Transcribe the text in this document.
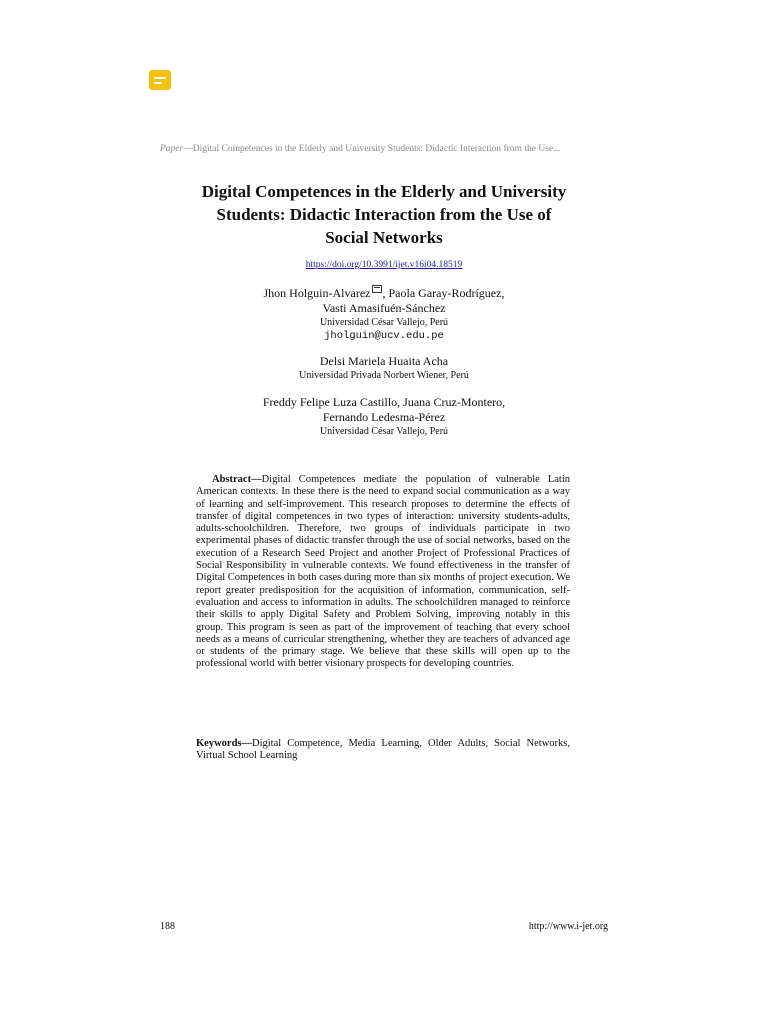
Paper—Digital Competences in the Elderly and University Students: Didactic Interaction from the Use...
Digital Competences in the Elderly and University
Students: Didactic Interaction from the Use of
Social Networks
https://doi.org/10.3991/ijet.v16i04.18519
Jhon Holguin-Alvarez , Paola Garay-Rodríguez,
Vasti Amasifuén-Sánchez
Universidad César Vallejo, Perú
jholguin@ucv.edu.pe
Delsi Mariela Huaita Acha
Universidad Privada Norbert Wiener, Perú
Freddy Felipe Luza Castillo, Juana Cruz-Montero,
Fernando Ledesma-Pérez
Universidad César Vallejo, Perú

Abstract—Digital Competences mediate the population of vulnerable Latin American contexts. In these there is the need to expand social communication as a way of learning and self-improvement. This research proposes to determine the effects of transfer of digital competences in two types of interaction: university students-adults, adults-schoolchildren. Therefore, two groups of individuals participate in two experimental phases of didactic transfer through the use of social networks, based on the execution of a Research Seed Project and another Project of Professional Practices of Social Responsibility in vulnerable contexts. We found effectiveness in the transfer of Digital Competences in both cases during more than six months of project execution. We report greater predisposition for the acquisition of information, communication, self-evaluation and access to information in adults. The schoolchildren managed to reinforce their skills to apply Digital Safety and Problem Solving, improving notably in this group. This program is seen as part of the improvement of teaching that every school needs as a means of curricular strengthening, whether they are teachers of advanced age or students of the primary stage. We believe that these skills will open up to the professional world with better visionary prospects for developing countries.

Keywords—Digital Competence, Media Learning, Older Adults, Social Networks, Virtual School Learning

188	http://www.i-jet.org
